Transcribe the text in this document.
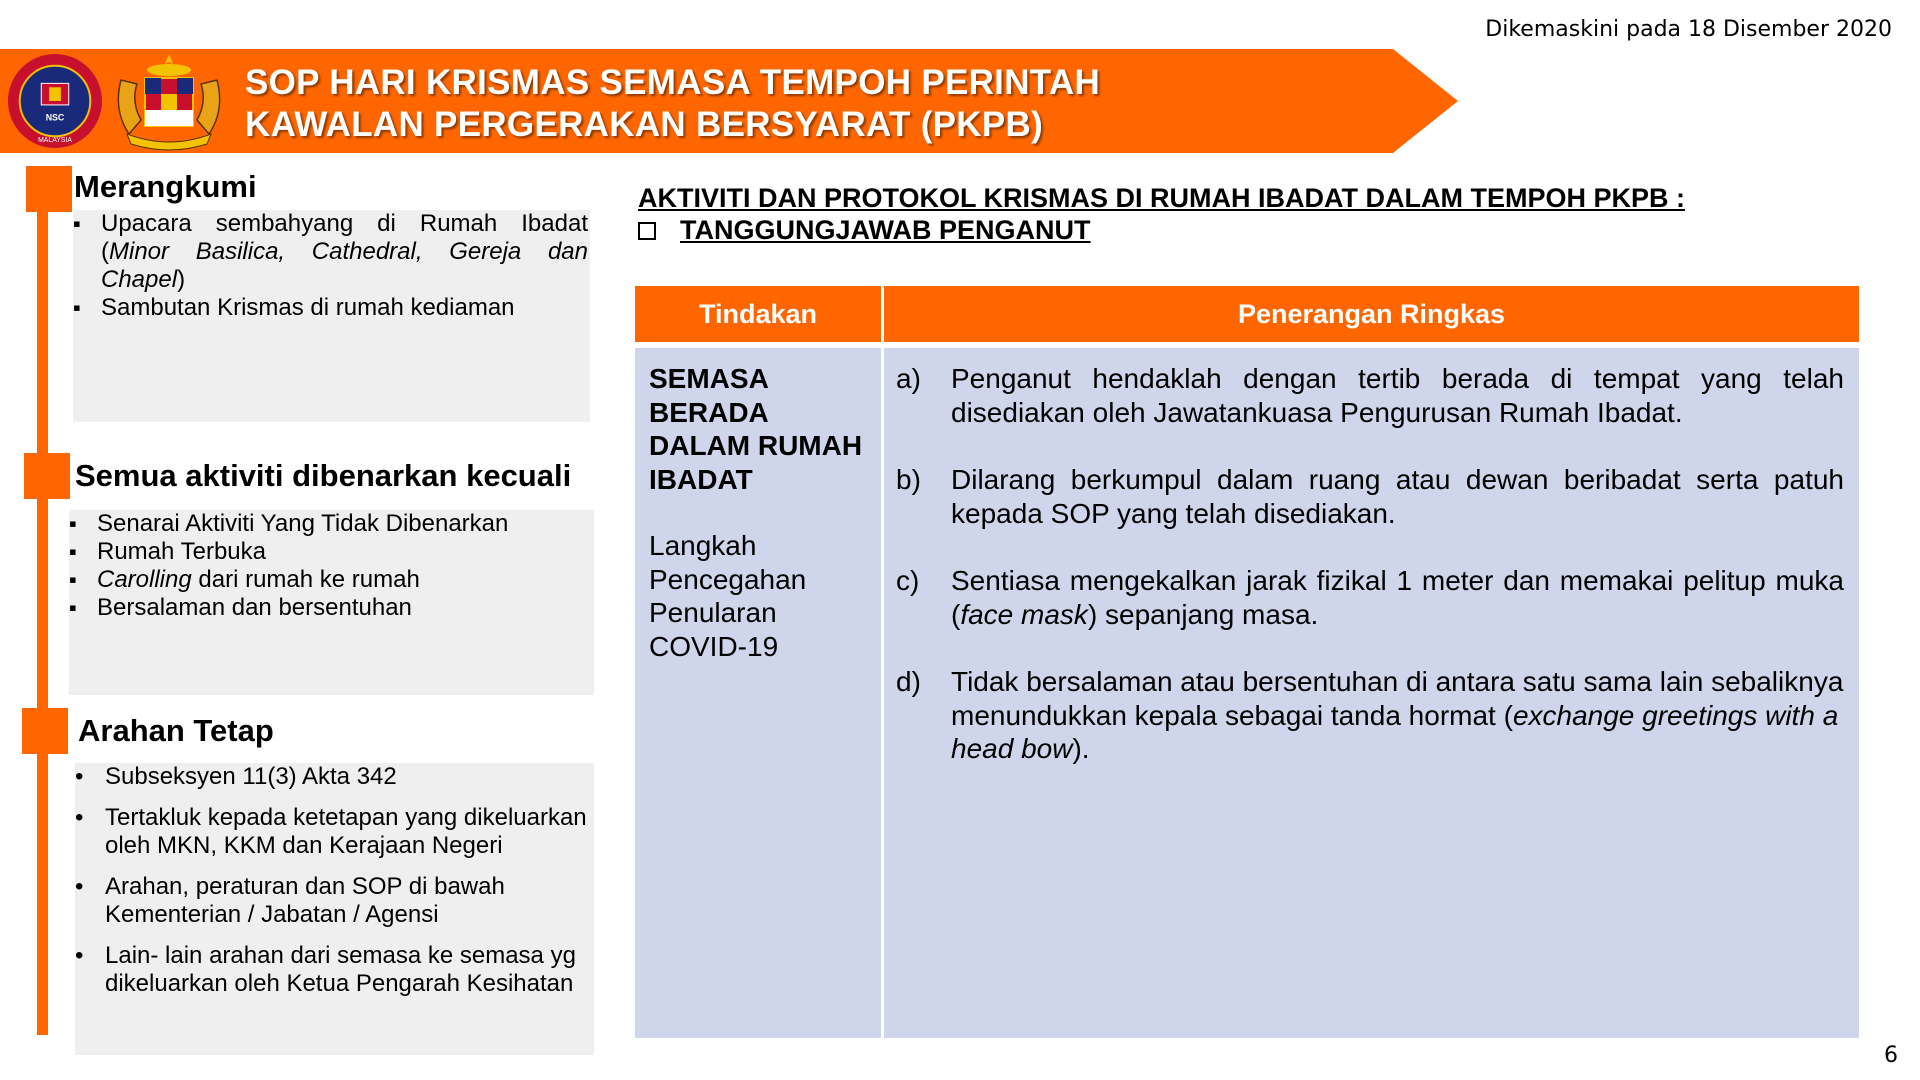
Dikemaskini pada 18 Disember 2020
NSC
MALAYSIA
SOP HARI KRISMAS SEMASA TEMPOH PERINTAH
KAWALAN PERGERAKAN BERSYARAT (PKPB)
Merangkumi
▪ Upacara sembahyang di Rumah Ibadat (Minor Basilica, Cathedral, Gereja dan Chapel)
▪ Sambutan Krismas di rumah kediaman
Semua aktiviti dibenarkan kecuali
▪ Senarai Aktiviti Yang Tidak Dibenarkan
▪ Rumah Terbuka
▪ Carolling dari rumah ke rumah
▪ Bersalaman dan bersentuhan
Arahan Tetap
• Subseksyen 11(3) Akta 342
• Tertakluk kepada ketetapan yang dikeluarkan oleh MKN, KKM dan Kerajaan Negeri
• Arahan, peraturan dan SOP di bawah Kementerian / Jabatan / Agensi
• Lain- lain arahan dari semasa ke semasa yg dikeluarkan oleh Ketua Pengarah Kesihatan
AKTIVITI DAN PROTOKOL KRISMAS DI RUMAH IBADAT DALAM TEMPOH PKPB :
TANGGUNGJAWAB PENGANUT
Tindakan	Penerangan Ringkas
SEMASA BERADA DALAM RUMAH IBADAT
Langkah Pencegahan Penularan COVID-19
a)	Penganut hendaklah dengan tertib berada di tempat yang telah disediakan oleh Jawatankuasa Pengurusan Rumah Ibadat.
b)	Dilarang berkumpul dalam ruang atau dewan beribadat serta patuh kepada SOP yang telah disediakan.
c)	Sentiasa mengekalkan jarak fizikal 1 meter dan memakai pelitup muka (face mask) sepanjang masa.
d)	Tidak bersalaman atau bersentuhan di antara satu sama lain sebaliknya menundukkan kepala sebagai tanda hormat (exchange greetings with a head bow).
6
